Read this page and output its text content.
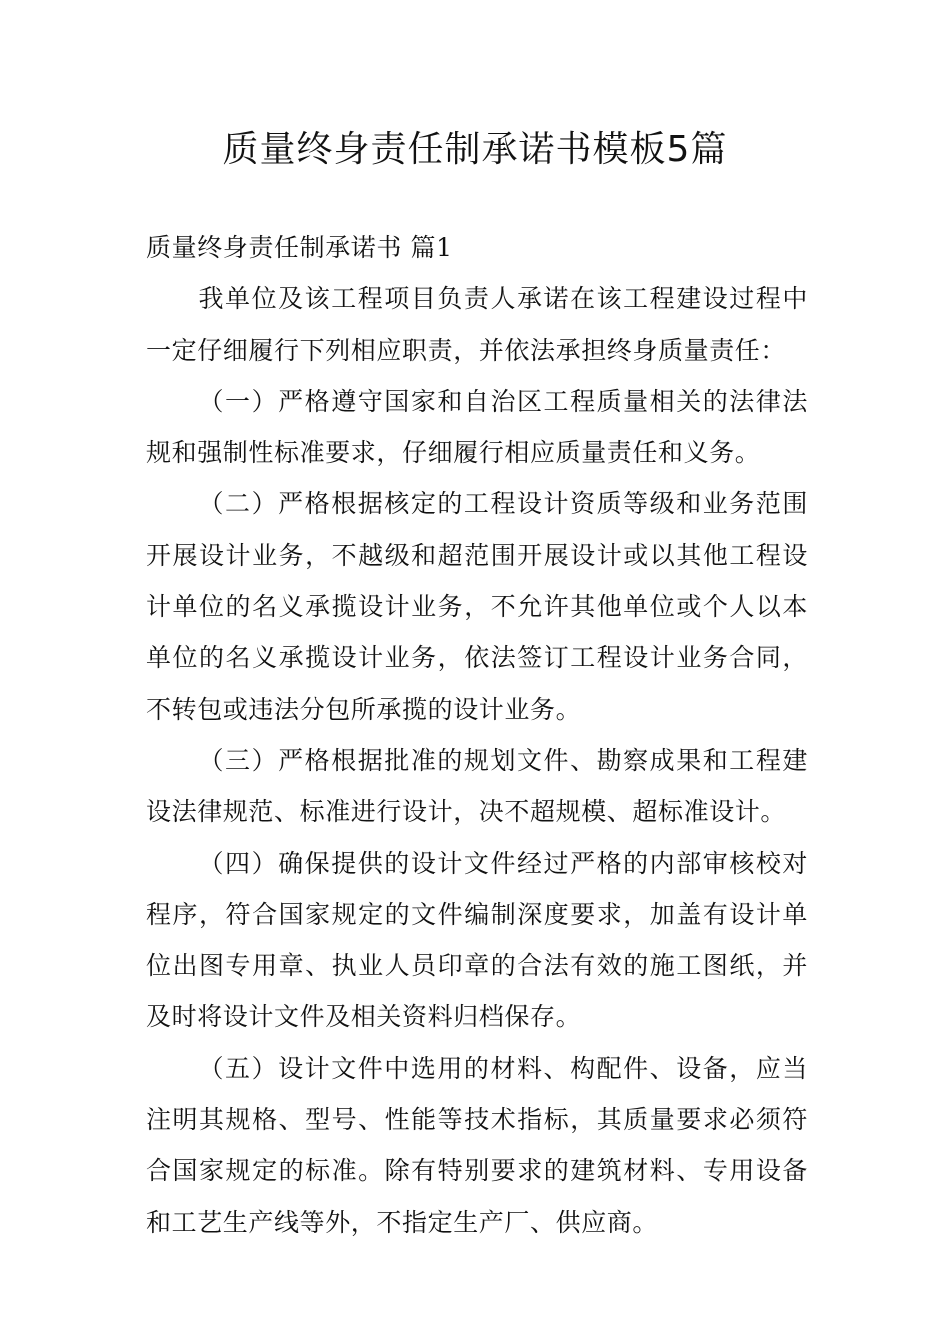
质量终身责任制承诺书模板5篇

质量终身责任制承诺书 篇1

我单位及该工程项目负责人承诺在该工程建设过程中一定仔细履行下列相应职责，并依法承担终身质量责任：

（一）严格遵守国家和自治区工程质量相关的法律法规和强制性标准要求，仔细履行相应质量责任和义务。

（二）严格根据核定的工程设计资质等级和业务范围开展设计业务，不越级和超范围开展设计或以其他工程设计单位的名义承揽设计业务，不允许其他单位或个人以本单位的名义承揽设计业务，依法签订工程设计业务合同，不转包或违法分包所承揽的设计业务。

（三）严格根据批准的规划文件、勘察成果和工程建设法律规范、标准进行设计，决不超规模、超标准设计。

（四）确保提供的设计文件经过严格的内部审核校对程序，符合国家规定的文件编制深度要求，加盖有设计单位出图专用章、执业人员印章的合法有效的施工图纸，并及时将设计文件及相关资料归档保存。

（五）设计文件中选用的材料、构配件、设备，应当注明其规格、型号、性能等技术指标，其质量要求必须符合国家规定的标准。除有特别要求的建筑材料、专用设备和工艺生产线等外，不指定生产厂、供应商。
